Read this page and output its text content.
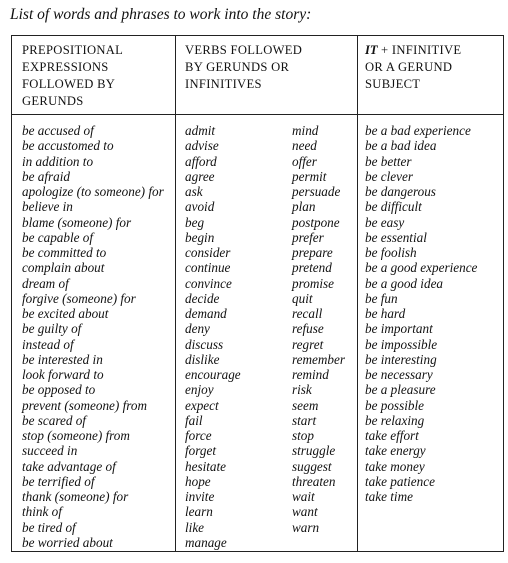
List of words and phrases to work into the story:
PREPOSITIONAL
EXPRESSIONS
FOLLOWED BY
GERUNDS
VERBS FOLLOWED
BY GERUNDS OR
INFINITIVES
IT + INFINITIVE
OR A GERUND
SUBJECT
be accused of
be accustomed to
in addition to
be afraid
apologize (to someone) for
believe in
blame (someone) for
be capable of
be committed to
complain about
dream of
forgive (someone) for
be excited about
be guilty of
instead of
be interested in
look forward to
be opposed to
prevent (someone) from
be scared of
stop (someone) from
succeed in
take advantage of
be terrified of
thank (someone) for
think of
be tired of
be worried about
admit
advise
afford
agree
ask
avoid
beg
begin
consider
continue
convince
decide
demand
deny
discuss
dislike
encourage
enjoy
expect
fail
force
forget
hesitate
hope
invite
learn
like
manage
mind
need
offer
permit
persuade
plan
postpone
prefer
prepare
pretend
promise
quit
recall
refuse
regret
remember
remind
risk
seem
start
stop
struggle
suggest
threaten
wait
want
warn
be a bad experience
be a bad idea
be better
be clever
be dangerous
be difficult
be easy
be essential
be foolish
be a good experience
be a good idea
be fun
be hard
be important
be impossible
be interesting
be necessary
be a pleasure
be possible
be relaxing
take effort
take energy
take money
take patience
take time
